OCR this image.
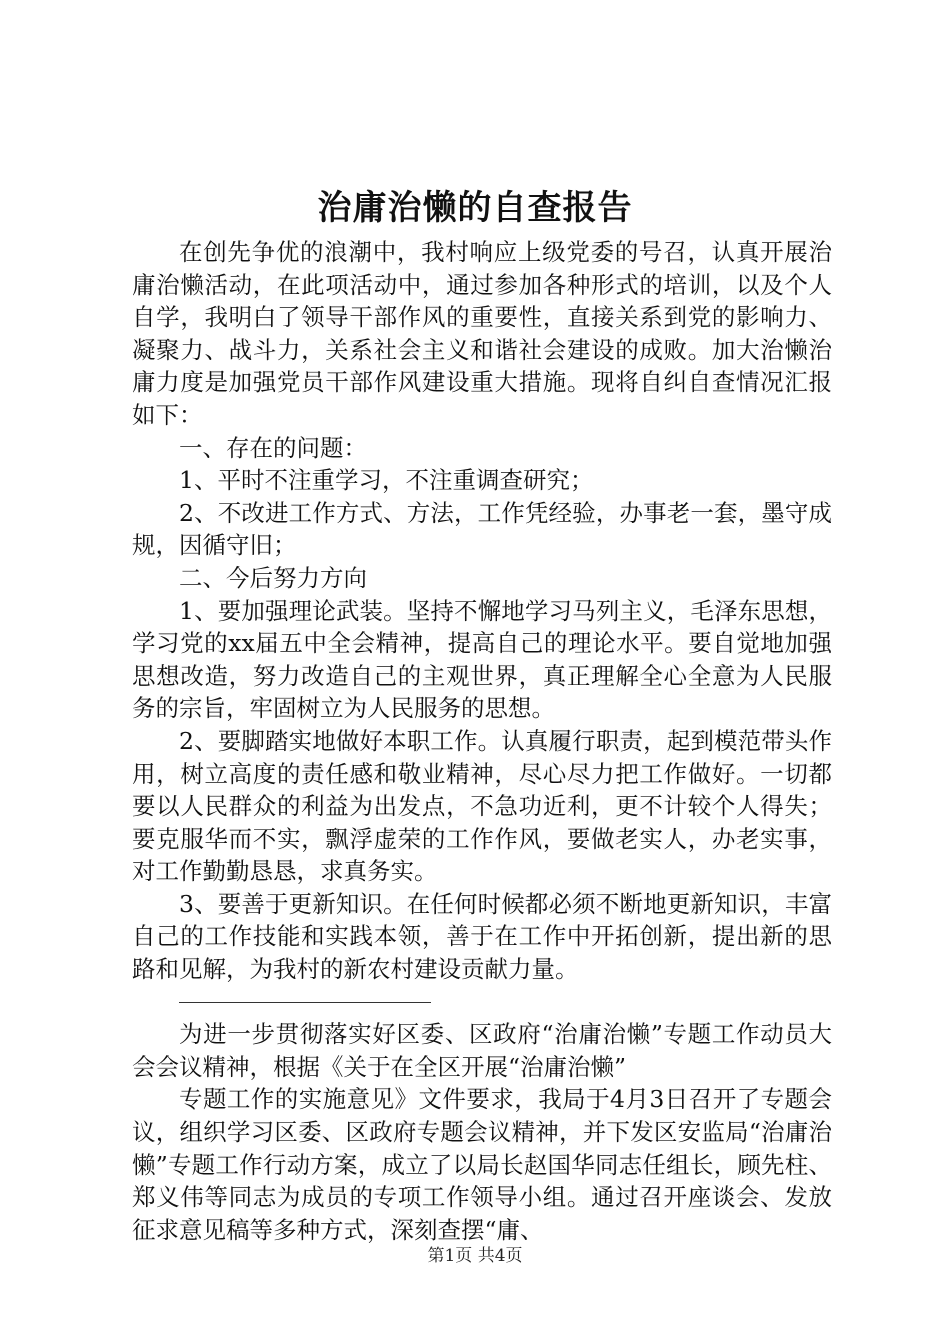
治庸治懒的自查报告

在创先争优的浪潮中，我村响应上级党委的号召，认真开展治庸治懒活动，在此项活动中，通过参加各种形式的培训，以及个人自学，我明白了领导干部作风的重要性，直接关系到党的影响力、凝聚力、战斗力，关系社会主义和谐社会建设的成败。加大治懒治庸力度是加强党员干部作风建设重大措施。现将自纠自查情况汇报如下：

一、存在的问题：

1、平时不注重学习，不注重调查研究；

2、不改进工作方式、方法，工作凭经验，办事老一套，墨守成规，因循守旧；

二、今后努力方向

1、要加强理论武装。坚持不懈地学习马列主义，毛泽东思想，学习党的xx届五中全会精神，提高自己的理论水平。要自觉地加强思想改造，努力改造自己的主观世界，真正理解全心全意为人民服务的宗旨，牢固树立为人民服务的思想。

2、要脚踏实地做好本职工作。认真履行职责，起到模范带头作用，树立高度的责任感和敬业精神，尽心尽力把工作做好。一切都要以人民群众的利益为出发点，不急功近利，更不计较个人得失；要克服华而不实，飘浮虚荣的工作作风，要做老实人，办老实事，对工作勤勤恳恳，求真务实。

3、要善于更新知识。在任何时候都必须不断地更新知识，丰富自己的工作技能和实践本领，善于在工作中开拓创新，提出新的思路和见解，为我村的新农村建设贡献力量。

为进一步贯彻落实好区委、区政府“治庸治懒”专题工作动员大会会议精神，根据《关于在全区开展“治庸治懒”

专题工作的实施意见》文件要求，我局于4月3日召开了专题会议，组织学习区委、区政府专题会议精神，并下发区安监局“治庸治懒”专题工作行动方案，成立了以局长赵国华同志任组长，顾先柱、郑义伟等同志为成员的专项工作领导小组。通过召开座谈会、发放征求意见稿等多种方式，深刻查摆“庸、

第1页 共4页
